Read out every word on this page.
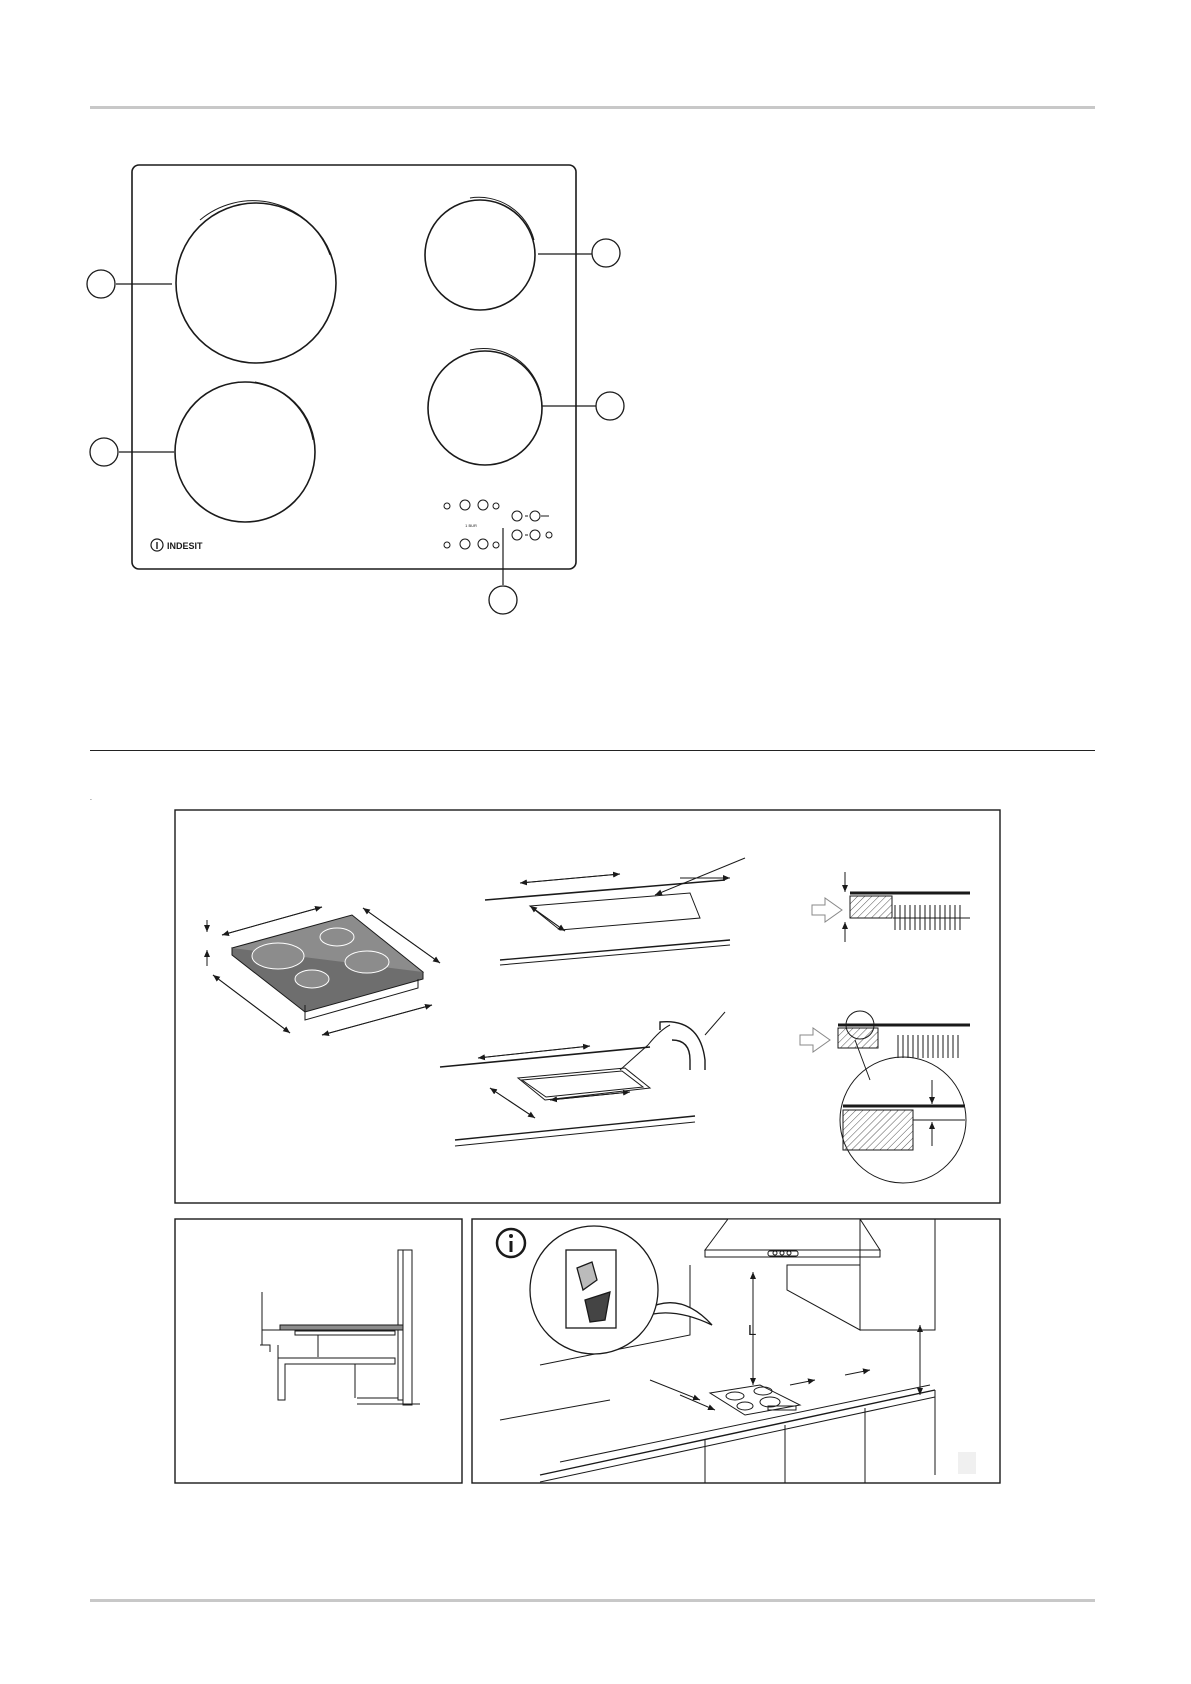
`
1 BUR
INDESIT
L
